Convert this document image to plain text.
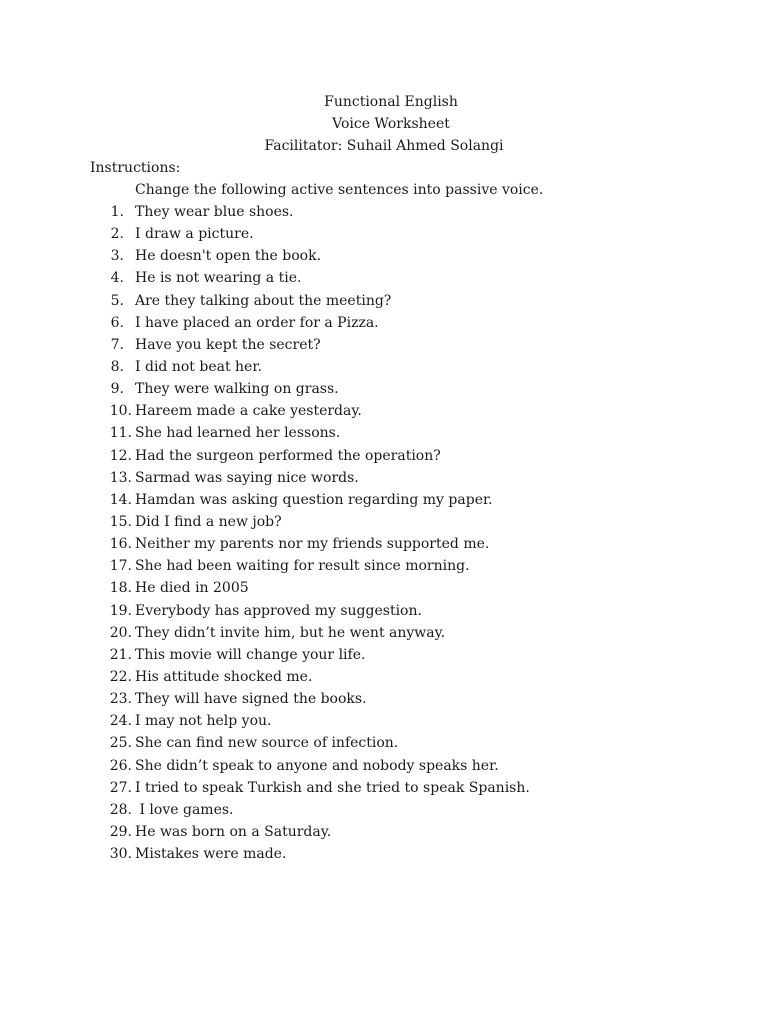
Functional English
Voice Worksheet
Facilitator: Suhail Ahmed Solangi
Instructions:
Change the following active sentences into passive voice.
1. They wear blue shoes.
2. I draw a picture.
3. He doesn't open the book.
4. He is not wearing a tie.
5. Are they talking about the meeting?
6. I have placed an order for a Pizza.
7. Have you kept the secret?
8. I did not beat her.
9. They were walking on grass.
10. Hareem made a cake yesterday.
11. She had learned her lessons.
12. Had the surgeon performed the operation?
13. Sarmad was saying nice words.
14. Hamdan was asking question regarding my paper.
15. Did I find a new job?
16. Neither my parents nor my friends supported me.
17. She had been waiting for result since morning.
18. He died in 2005
19. Everybody has approved my suggestion.
20. They didn’t invite him, but he went anyway.
21. This movie will change your life.
22. His attitude shocked me.
23. They will have signed the books.
24. I may not help you.
25. She can find new source of infection.
26. She didn’t speak to anyone and nobody speaks her.
27. I tried to speak Turkish and she tried to speak Spanish.
28. I love games.
29. He was born on a Saturday.
30. Mistakes were made.
